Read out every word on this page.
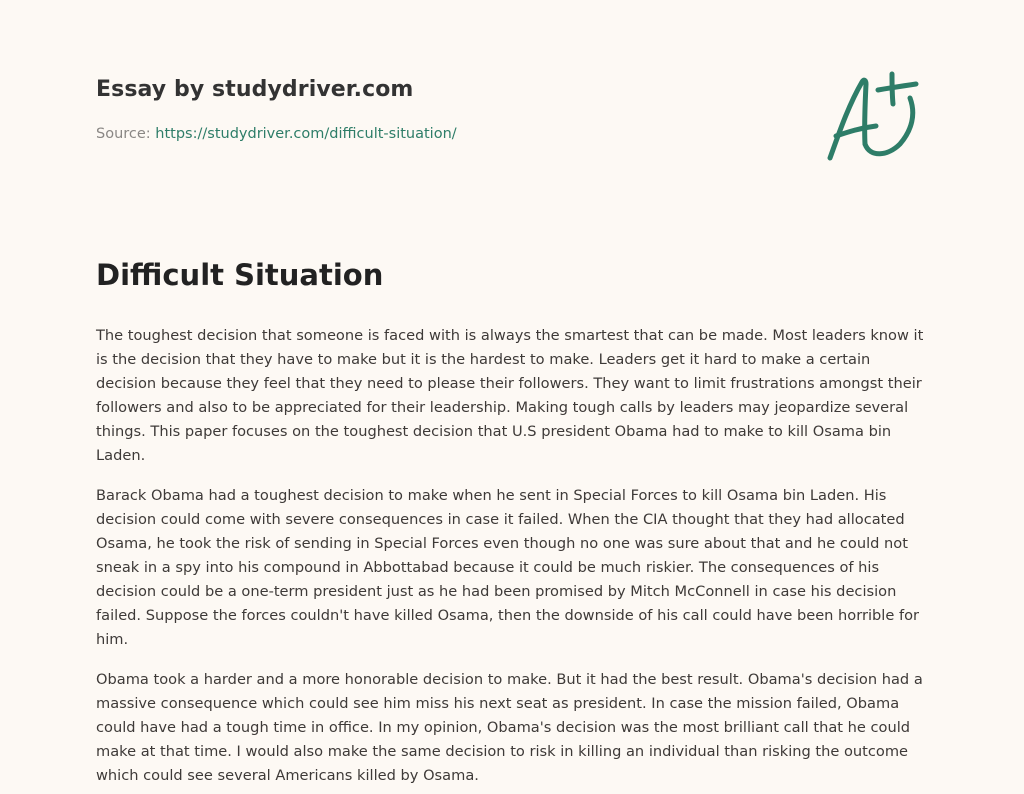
Essay by studydriver.com
Source: https://studydriver.com/difficult-situation/
Difficult Situation

The toughest decision that someone is faced with is always the smartest that can be made. Most leaders know it is the decision that they have to make but it is the hardest to make. Leaders get it hard to make a certain decision because they feel that they need to please their followers. They want to limit frustrations amongst their followers and also to be appreciated for their leadership. Making tough calls by leaders may jeopardize several things. This paper focuses on the toughest decision that U.S president Obama had to make to kill Osama bin Laden.

Barack Obama had a toughest decision to make when he sent in Special Forces to kill Osama bin Laden. His decision could come with severe consequences in case it failed. When the CIA thought that they had allocated Osama, he took the risk of sending in Special Forces even though no one was sure about that and he could not sneak in a spy into his compound in Abbottabad because it could be much riskier. The consequences of his decision could be a one-term president just as he had been promised by Mitch McConnell in case his decision failed. Suppose the forces couldn't have killed Osama, then the downside of his call could have been horrible for him.

Obama took a harder and a more honorable decision to make. But it had the best result. Obama's decision had a massive consequence which could see him miss his next seat as president. In case the mission failed, Obama could have had a tough time in office. In my opinion, Obama's decision was the most brilliant call that he could make at that time. I would also make the same decision to risk in killing an individual than risking the outcome which could see several Americans killed by Osama.
